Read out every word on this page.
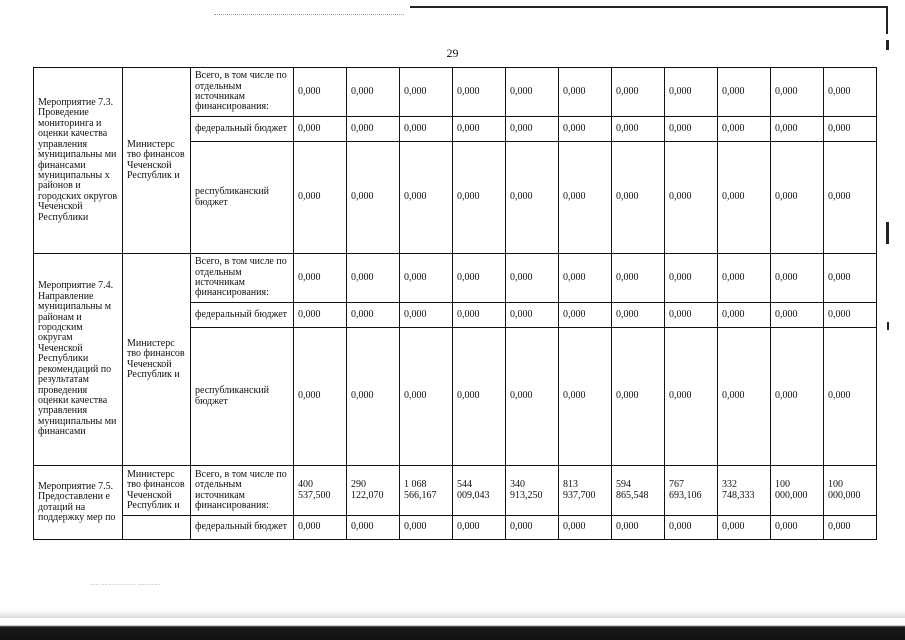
29
Мероприятие 7.3. Проведение мониторинга и оценки качества управления муниципальны ми финансами муниципальны х районов и городских округов Чеченской Республики	Министерс тво финансов Чеченской Республик и	Всего, в том числе по отдельным источникам финансирования:	0,000	0,000	0,000	0,000	0,000	0,000	0,000	0,000	0,000	0,000	0,000
		федеральный бюджет	0,000	0,000	0,000	0,000	0,000	0,000	0,000	0,000	0,000	0,000	0,000
		республиканский бюджет	0,000	0,000	0,000	0,000	0,000	0,000	0,000	0,000	0,000	0,000	0,000
Мероприятие 7.4. Направление муниципальны м районам и городским округам Чеченской Республики рекомендаций по результатам проведения оценки качества управления муниципальны ми финансами	Министерс тво финансов Чеченской Республик и	Всего, в том числе по отдельным источникам финансирования:	0,000	0,000	0,000	0,000	0,000	0,000	0,000	0,000	0,000	0,000	0,000
		федеральный бюджет	0,000	0,000	0,000	0,000	0,000	0,000	0,000	0,000	0,000	0,000	0,000
		республиканский бюджет	0,000	0,000	0,000	0,000	0,000	0,000	0,000	0,000	0,000	0,000	0,000
Мероприятие 7.5. Предоставлени е дотаций на поддержку мер по	Министерс тво финансов Чеченской Республик и	Всего, в том числе по отдельным источникам финансирования:	400 537,500	290 122,070	1 068 566,167	544 009,043	340 913,250	813 937,700	594 865,548	767 693,106	332 748,333	100 000,000	100 000,000
		федеральный бюджет	0,000	0,000	0,000	0,000	0,000	0,000	0,000	0,000	0,000	0,000	0,000
‥‥‥ ‥‥‥‥ ‥‥‥‥‥‥‥‥ ‥‥‥‥‥‥‥‥
